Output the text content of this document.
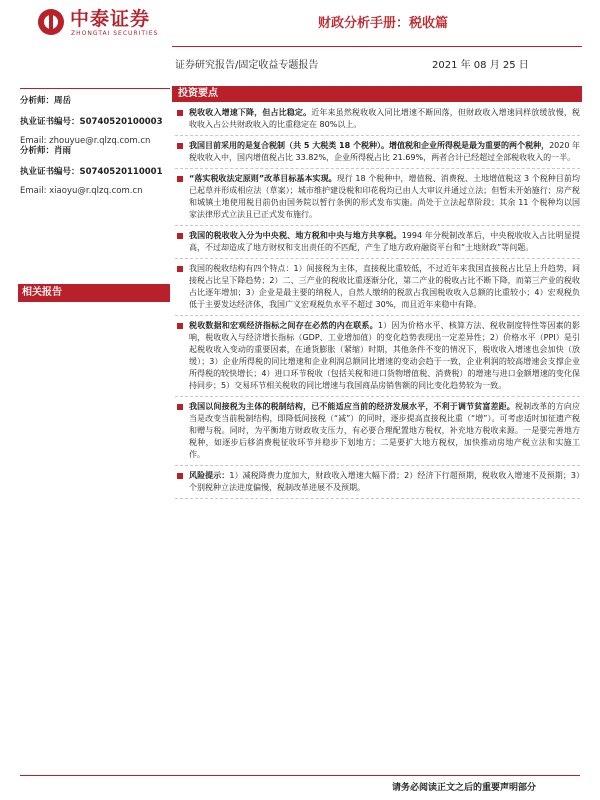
中泰证券
ZHONGTAI SECURITIES
财政分析手册：税收篇
证券研究报告/固定收益专题报告	2021 年 08 月 25 日
分析师：周岳
执业证书编号：S0740520100003
Email: zhouyue@r.qlzq.com.cn
分析师：肖雨
执业证书编号：S0740520110001
Email: xiaoyu@r.qlzq.com.cn
相关报告
投资要点
税收收入增速下降，但占比稳定。近年来虽然税收收入同比增速不断回落，但财政收入增速同样放缓放慢，税收收入占公共财政收入的比重稳定在 80%以上。
我国目前采用的是复合税制（共 5 大税类 18 个税种）。增值税和企业所得税是最为重要的两个税种，2020 年税收收入中，国内增值税占比 33.82%，企业所得税占比 21.69%，两者合计已经超过全部税收收入的一半。
“落实税收法定原则”改革目标基本实现。现行 18 个税种中，增值税、消费税、土地增值税这 3 个税种目前均已起草并形成相应法（草案）；城市维护建设税和印花税均已由人大审议并通过立法；但暂未开始施行；房产税和城镇土地使用税目前仍由国务院以暂行条例的形式发布实施。尚处于立法起草阶段；其余 11 个税种均以国家法律形式立法且已正式发布施行。
我国的税收收入分为中央税、地方税和中央与地方共享税。1994 年分税制改革后，中央税收收入占比明显提高，不过却造成了地方财权和支出责任的不匹配，产生了地方政府融资平台和“土地财政”等问题。
我国的税收结构有四个特点：1）间接税为主体，直接税比重较低，不过近年来我国直接税占比呈上升趋势，间接税占比呈下降趋势；2）二、三产业的税收比重逐渐分化，第二产业的税收占比不断下降，而第三产业的税收占比逐年增加；3）企业是最主要的纳税人，自然人缴纳的税款占我国税收收入总额的比重较小；4）宏观税负低于主要发达经济体，我国广义宏观税负水平不超过 30%，而且近年来稳中有降。
税收数据和宏观经济指标之间存在必然的内在联系。1）因为价格水平、核算方法、税收制度特性等因素的影响，税收收入与经济增长指标（GDP、工业增加值）的变化趋势表现出一定差异性；2）价格水平（PPI）是引起税收收入变动的重要因素，在通货膨胀（紧缩）时期，其他条件不变的情况下，税收收入增速也会加快（放缓）；3）企业所得税的同比增速和企业利润总额同比增速的变动会趋于一致，企业利润的较高增速会支撑企业所得税的较快增长；4）进口环节税收（包括关税和进口货物增值税、消费税）的增速与进口金额增速的变化保持同步；5）交易环节相关税收的同比增速与我国商品房销售额的同比变化趋势较为一致。
我国以间接税为主体的税制结构，已不能适应当前的经济发展水平，不利于调节贫富差距。税制改革的方向应当是改变当前税制结构，即降低间接税（“减”）的同时，逐步提高直接税比重（“增”）。可考虑适时加征遗产税和赠与税。同时，为平衡地方财政收支压力，有必要合理配置地方税权，补充地方税收来源。一是要完善地方税种，如逐步后移消费税征收环节并稳步下划地方；二是要扩大地方税权，加快推动房地产税立法和实施工作。
风险提示：1）减税降费力度加大，财政收入增速大幅下滑；2）经济下行超预期，税收收入增速不及预期；3）个别税种立法进度偏慢，税制改革进展不及预期。
请务必阅读正文之后的重要声明部分
